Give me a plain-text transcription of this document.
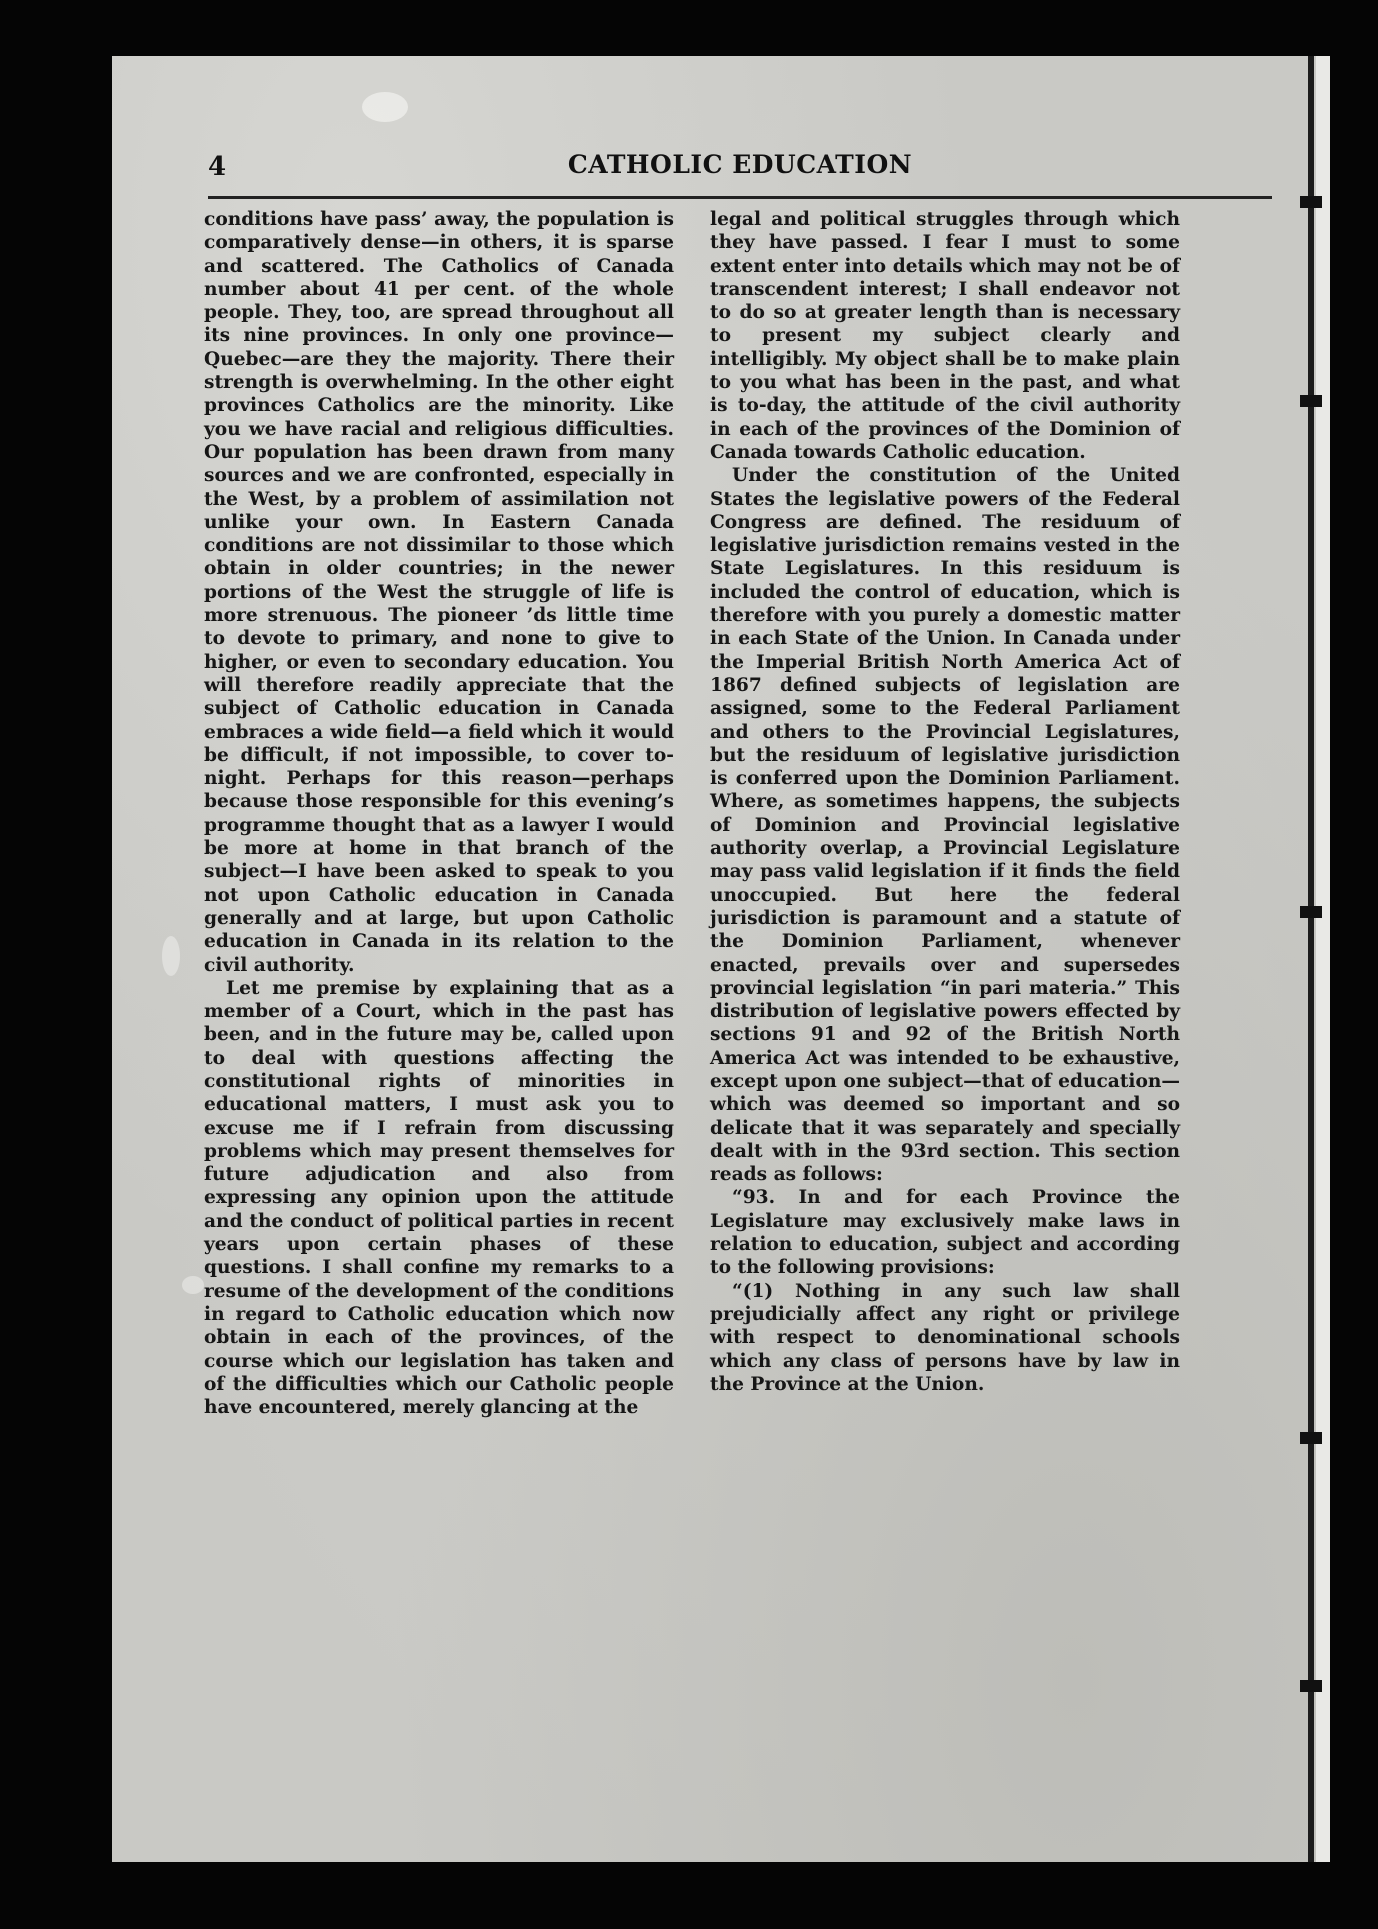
4	CATHOLIC EDUCATION

conditions have pass’ away, the population is comparatively dense—in others, it is sparse and scattered. The Catholics of Canada number about 41 per cent. of the whole people. They, too, are spread throughout all its nine provinces. In only one province—Quebec—are they the majority. There their strength is overwhelming. In the other eight provinces Catholics are the minority. Like you we have racial and religious difficulties. Our population has been drawn from many sources and we are confronted, especially in the West, by a problem of assimilation not unlike your own. In Eastern Canada conditions are not dissimilar to those which obtain in older countries; in the newer portions of the West the struggle of life is more strenuous. The pioneer ’ds little time to devote to primary, and none to give to higher, or even to secondary education. You will therefore readily appreciate that the subject of Catholic education in Canada embraces a wide field—a field which it would be difficult, if not impossible, to cover to-night. Perhaps for this reason—perhaps because those responsible for this evening’s programme thought that as a lawyer I would be more at home in that branch of the subject—I have been asked to speak to you not upon Catholic education in Canada generally and at large, but upon Catholic education in Canada in its relation to the civil authority.

Let me premise by explaining that as a member of a Court, which in the past has been, and in the future may be, called upon to deal with questions affecting the constitutional rights of minorities in educational matters, I must ask you to excuse me if I refrain from discussing problems which may present themselves for future adjudication and also from expressing any opinion upon the attitude and the conduct of political parties in recent years upon certain phases of these questions. I shall confine my remarks to a resume of the development of the conditions in regard to Catholic education which now obtain in each of the provinces, of the course which our legislation has taken and of the difficulties which our Catholic people have encountered, merely glancing at the

legal and political struggles through which they have passed. I fear I must to some extent enter into details which may not be of transcendent interest; I shall endeavor not to do so at greater length than is necessary to present my subject clearly and intelligibly. My object shall be to make plain to you what has been in the past, and what is to-day, the attitude of the civil authority in each of the provinces of the Dominion of Canada towards Catholic education.

Under the constitution of the United States the legislative powers of the Federal Congress are defined. The residuum of legislative jurisdiction remains vested in the State Legislatures. In this residuum is included the control of education, which is therefore with you purely a domestic matter in each State of the Union. In Canada under the Imperial British North America Act of 1867 defined subjects of legislation are assigned, some to the Federal Parliament and others to the Provincial Legislatures, but the residuum of legislative jurisdiction is conferred upon the Dominion Parliament. Where, as sometimes happens, the subjects of Dominion and Provincial legislative authority overlap, a Provincial Legislature may pass valid legislation if it finds the field unoccupied. But here the federal jurisdiction is paramount and a statute of the Dominion Parliament, whenever enacted, prevails over and supersedes provincial legislation “in pari materia.” This distribution of legislative powers effected by sections 91 and 92 of the British North America Act was intended to be exhaustive, except upon one subject—that of education—which was deemed so important and so delicate that it was separately and specially dealt with in the 93rd section. This section reads as follows:

“93. In and for each Province the Legislature may exclusively make laws in relation to education, subject and according to the following provisions:

“(1) Nothing in any such law shall prejudicially affect any right or privilege with respect to denominational schools which any class of persons have by law in the Province at the Union.
